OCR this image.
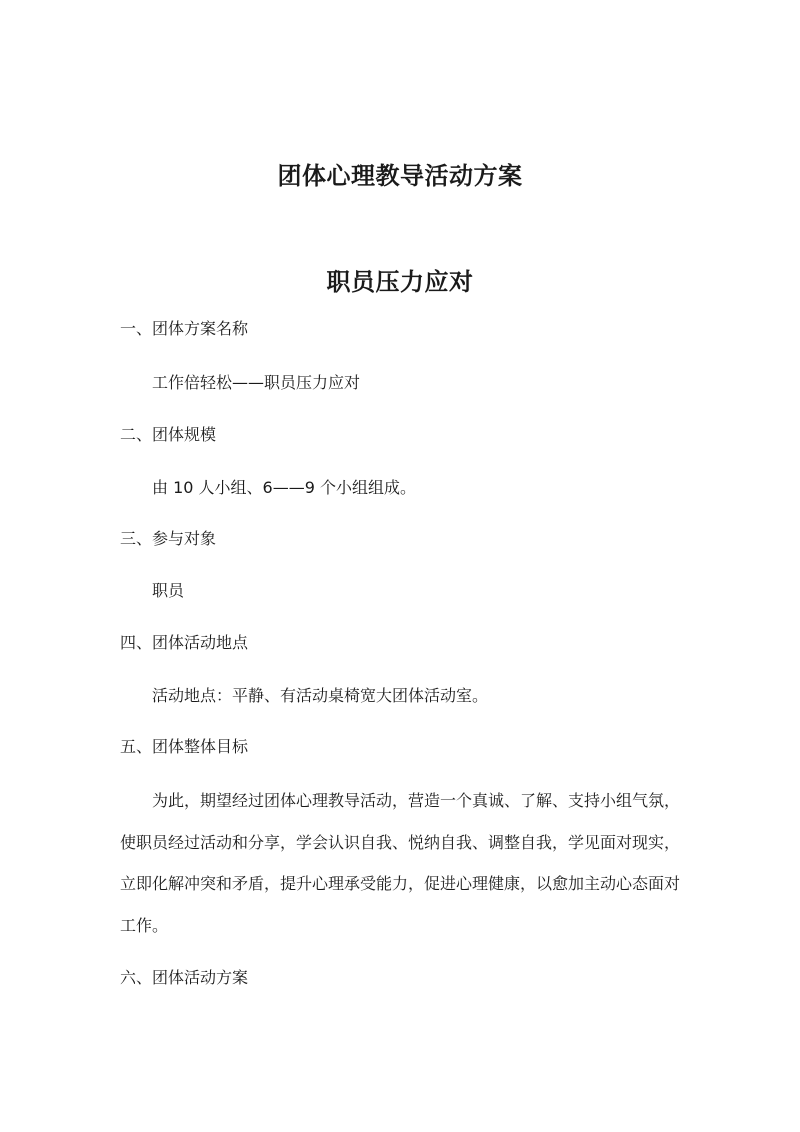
团体心理教导活动方案
职员压力应对
一、团体方案名称
工作倍轻松——职员压力应对
二、团体规模
由 10 人小组、6——9 个小组组成。
三、参与对象
职员
四、团体活动地点
活动地点：平静、有活动桌椅宽大团体活动室。
五、团体整体目标
为此，期望经过团体心理教导活动，营造一个真诚、了解、支持小组气氛，
使职员经过活动和分享，学会认识自我、悦纳自我、调整自我，学见面对现实，
立即化解冲突和矛盾，提升心理承受能力，促进心理健康，以愈加主动心态面对
工作。
六、团体活动方案
